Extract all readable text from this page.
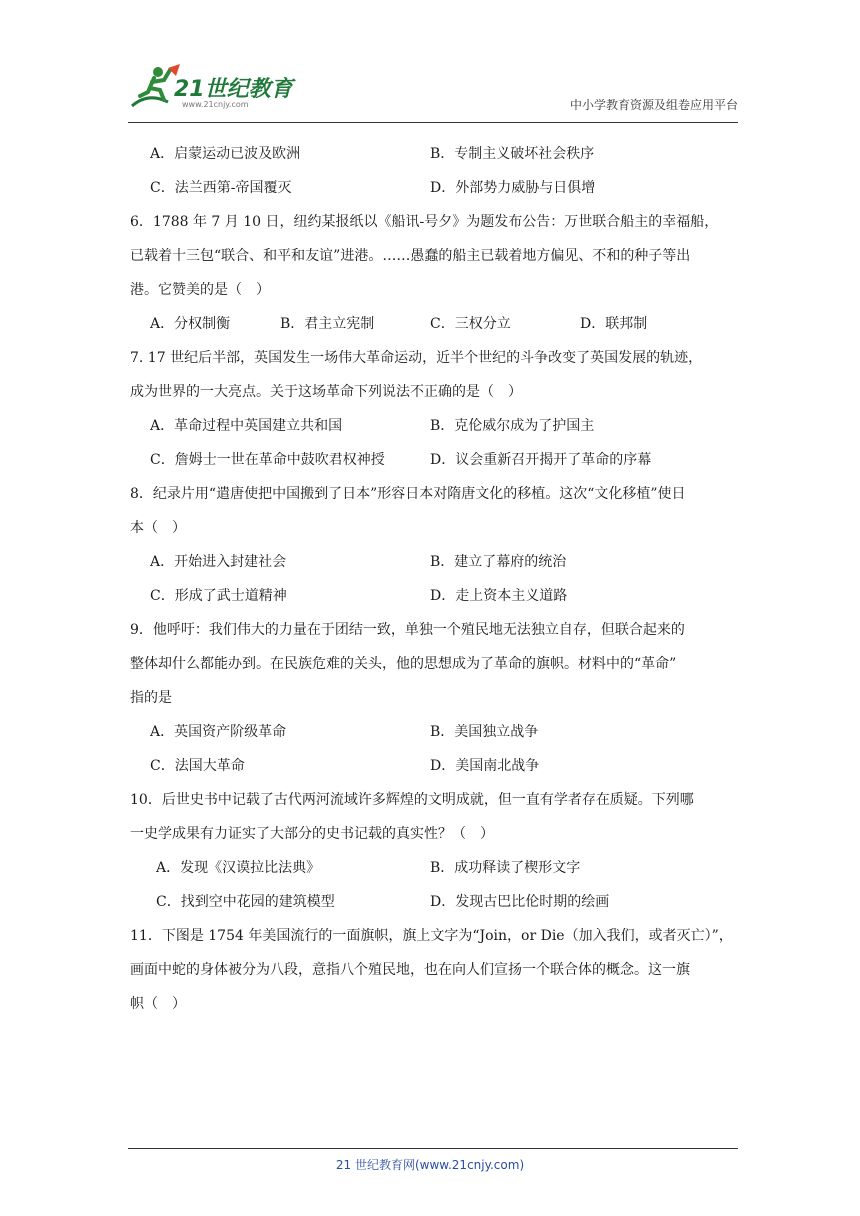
21世纪教育
www.21cnjy.com	中小学教育资源及组卷应用平台
A．启蒙运动已波及欧洲	B．专制主义破坏社会秩序
C．法兰西第-帝国覆灭	D．外部势力威胁与日俱增
6．1788 年 7 月 10 日，纽约某报纸以《船讯-号夕》为题发布公告：万世联合船主的幸福船，
已载着十三包“联合、和平和友谊”进港。……愚蠢的船主已载着地方偏见、不和的种子等出
港。它赞美的是（　）
A．分权制衡	B．君主立宪制	C．三权分立	D．联邦制
7. 17 世纪后半部，英国发生一场伟大革命运动，近半个世纪的斗争改变了英国发展的轨迹，
成为世界的一大亮点。关于这场革命下列说法不正确的是（　）
A．革命过程中英国建立共和国	B．克伦威尔成为了护国主
C．詹姆士一世在革命中鼓吹君权神授	D．议会重新召开揭开了革命的序幕
8．纪录片用“遣唐使把中国搬到了日本”形容日本对隋唐文化的移植。这次“文化移植”使日
本（　）
A．开始进入封建社会	B．建立了幕府的统治
C．形成了武士道精神	D．走上资本主义道路
9．他呼吁：我们伟大的力量在于团结一致，单独一个殖民地无法独立自存，但联合起来的
整体却什么都能办到。在民族危难的关头，他的思想成为了革命的旗帜。材料中的“革命”
指的是
A．英国资产阶级革命	B．美国独立战争
C．法国大革命	D．美国南北战争
10．后世史书中记载了古代两河流域许多辉煌的文明成就，但一直有学者存在质疑。下列哪
一史学成果有力证实了大部分的史书记载的真实性？（　）
A．发现《汉谟拉比法典》	B．成功释读了楔形文字
C．找到空中花园的建筑模型	D．发现古巴比伦时期的绘画
11．下图是 1754 年美国流行的一面旗帜，旗上文字为“Join，or Die（加入我们，或者灭亡）”，
画面中蛇的身体被分为八段，意指八个殖民地，也在向人们宣扬一个联合体的概念。这一旗
帜（　）
21 世纪教育网(www.21cnjy.com)
